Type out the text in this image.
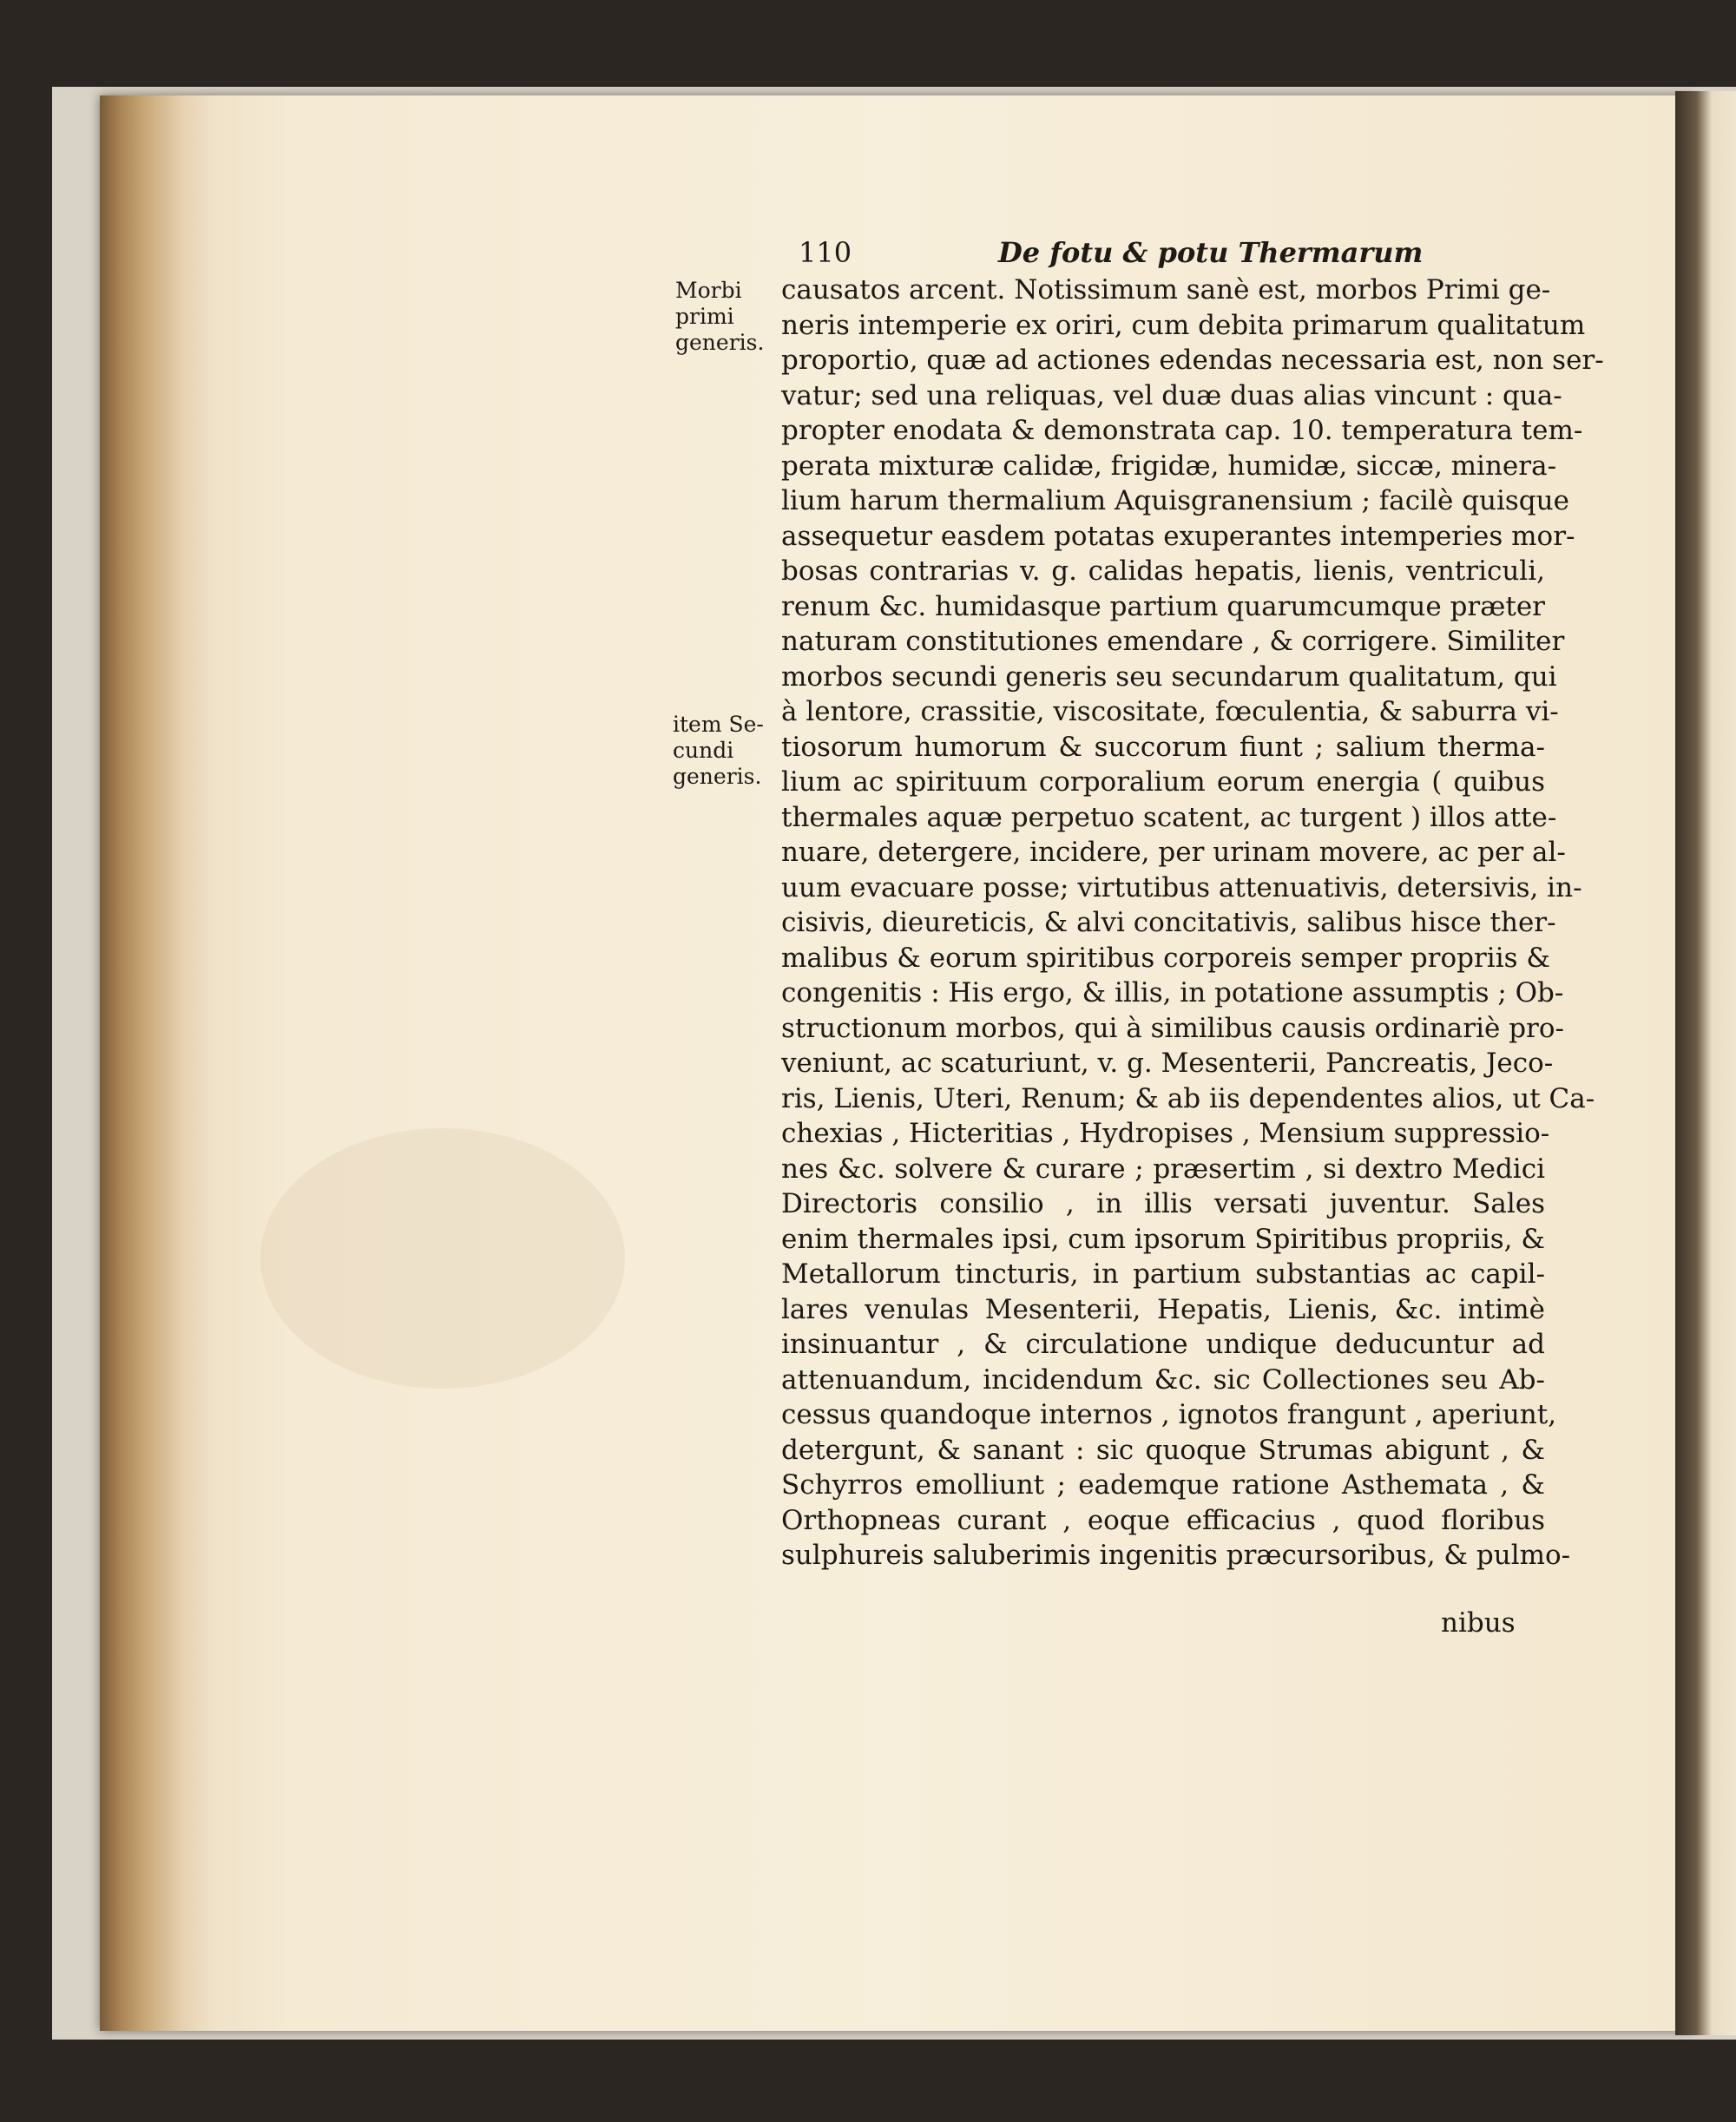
110	De fotu & potu Thermarum
Morbi
primi
generis.
item Se-
cundi
generis.
causatos arcent. Notissimum sanè est, morbos Primi ge-
neris intemperie ex oriri, cum debita primarum qualitatum
proportio, quæ ad actiones edendas necessaria est, non ser-
vatur; sed una reliquas, vel duæ duas alias vincunt : qua-
propter enodata & demonstrata cap. 10. temperatura tem-
perata mixturæ calidæ, frigidæ, humidæ, siccæ, minera-
lium harum thermalium Aquisgranensium ; facilè quisque
assequetur easdem potatas exuperantes intemperies mor-
bosas contrarias v. g. calidas hepatis, lienis, ventriculi,
renum &c. humidasque partium quarumcumque præter
naturam constitutiones emendare , & corrigere. Similiter
morbos secundi generis seu secundarum qualitatum, qui
à lentore, crassitie, viscositate, fœculentia, & saburra vi-
tiosorum humorum & succorum fiunt ; salium therma-
lium ac spirituum corporalium eorum energia ( quibus
thermales aquæ perpetuo scatent, ac turgent ) illos atte-
nuare, detergere, incidere, per urinam movere, ac per al-
uum evacuare posse; virtutibus attenuativis, detersivis, in-
cisivis, dieureticis, & alvi concitativis, salibus hisce ther-
malibus & eorum spiritibus corporeis semper propriis &
congenitis : His ergo, & illis, in potatione assumptis ; Ob-
structionum morbos, qui à similibus causis ordinariè pro-
veniunt, ac scaturiunt, v. g. Mesenterii, Pancreatis, Jeco-
ris, Lienis, Uteri, Renum; & ab iis dependentes alios, ut Ca-
chexias , Hicteritias , Hydropises , Mensium suppressio-
nes &c. solvere & curare ; præsertim , si dextro Medici
Directoris consilio , in illis versati juventur. Sales
enim thermales ipsi, cum ipsorum Spiritibus propriis, &
Metallorum tincturis, in partium substantias ac capil-
lares venulas Mesenterii, Hepatis, Lienis, &c. intimè
insinuantur , & circulatione undique deducuntur ad
attenuandum, incidendum &c. sic Collectiones seu Ab-
cessus quandoque internos , ignotos frangunt , aperiunt,
detergunt, & sanant : sic quoque Strumas abigunt , &
Schyrros emolliunt ; eademque ratione Asthemata , &
Orthopneas curant , eoque efficacius , quod floribus
sulphureis saluberimis ingenitis præcursoribus, & pulmo-
nibus
